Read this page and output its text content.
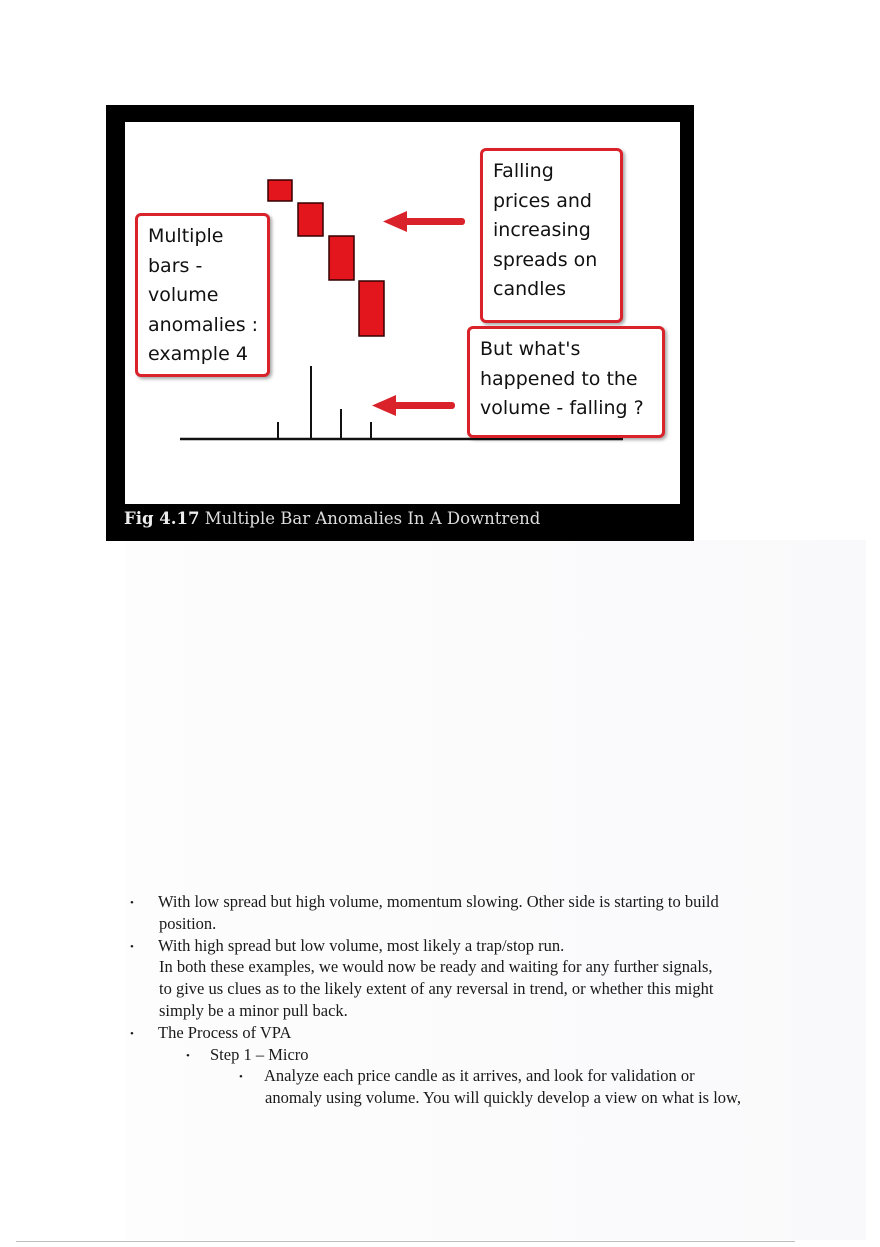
Multiple
bars -
volume
anomalies :
example 4
Falling
prices and
increasing
spreads on
candles
But what's
happened to the
volume - falling ?
Fig 4.17 Multiple Bar Anomalies In A Downtrend
• With low spread but high volume, momentum slowing. Other side is starting to build
position.
• With high spread but low volume, most likely a trap/stop run.
In both these examples, we would now be ready and waiting for any further signals,
to give us clues as to the likely extent of any reversal in trend, or whether this might
simply be a minor pull back.
• The Process of VPA
• Step 1 – Micro
• Analyze each price candle as it arrives, and look for validation or
anomaly using volume. You will quickly develop a view on what is low,
